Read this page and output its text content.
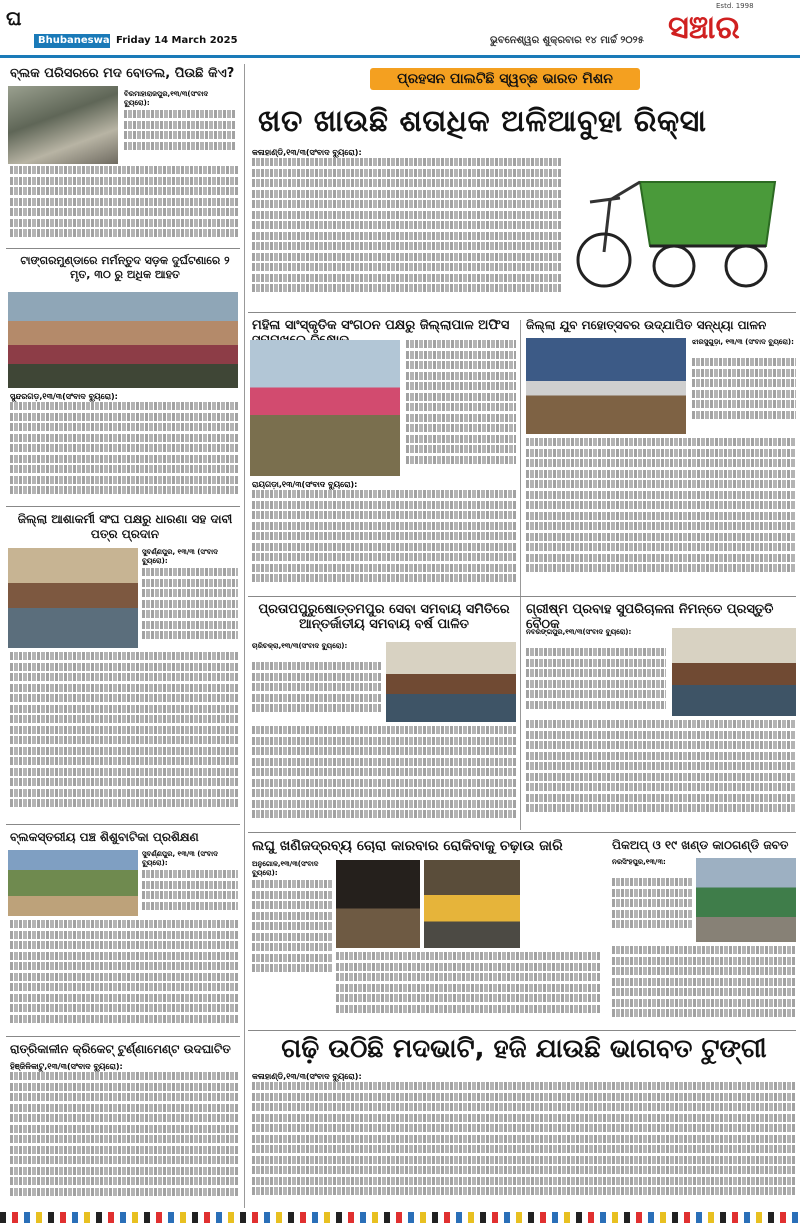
ଘ
Bhubaneswar Friday 14 March 2025	ଭୁବନେଶ୍ୱର ଶୁକ୍ରବାର ୧୪ ମାର୍ଚ୍ଚ ୨୦୨୫
Estd. 1998
ସଞ୍ଚାର
ବ୍ଲକ ପରିସରରେ ମଦ ବୋତଲ, ପିଉଛି କିଏ?
ବିରମାହାରାଜପୁର,୧୩/୩(ସଂବାଦ ବ୍ୟୁରୋ):
ଟାଙ୍ଗରମୁଣ୍ଡାରେ ମର୍ମନ୍ତୁଦ ସଡ଼କ ଦୁର୍ଘଟଣାରେ ୨ ମୃତ, ୩୦ ରୁ ଅଧିକ ଆହତ
ସୁନ୍ଦରଗଡ଼,୧୩/୩(ସଂବାଦ ବ୍ୟୁରୋ):
ଜିଲ୍ଲା ଆଶାକର୍ମୀ ସଂଘ ପକ୍ଷରୁ ଧାରଣା ସହ ଦାବୀ ପତ୍ର ପ୍ରଦାନ
ସୁବର୍ଣ୍ଣପୁର, ୧୩/୩ (ସଂବାଦ ବ୍ୟୁରୋ):
ବ୍ଲକସ୍ତରୀୟ ପଞ୍ଚ ଶିଶୁବାଟିକା ପ୍ରଶିକ୍ଷଣ
ସୁବର୍ଣ୍ଣପୁର, ୧୩/୩ (ସଂବାଦ ବ୍ୟୁରୋ):
ରାତ୍ରିକାଳୀନ କ୍ରିକେଟ୍ ଟୁର୍ଣ୍ଣାମେଣ୍ଟ ଉଦଘାଟିତ
ହିଞ୍ଜିଳିକାଟୁ,୧୩/୩(ସଂବାଦ ବ୍ୟୁରୋ):
ପ୍ରହସନ ପାଲଟିଛି ସ୍ୱଚ୍ଛ ଭାରତ ମିଶନ
ଖତ ଖାଉଛି ଶତାଧିକ ଅଳିଆବୁହା ରିକ୍ସା
କଳାହାଣ୍ଡି,୧୩/୩(ସଂବାଦ ବ୍ୟୁରୋ):
ମହିଳା ସାଂସ୍କୃତିକ ସଂଗଠନ ପକ୍ଷରୁ ଜିଲ୍ଲାପାଳ ଅଫିସ
ରାୟଗଡ଼ା,୧୩/୩(ସଂବାଦ ବ୍ୟୁରୋ):
ଜିଲ୍ଲା ଯୁବ ମହୋତ୍ସବର ଉଦ୍‌ଯାପିତ ସନ୍ଧ୍ୟା ପାଳନ
ଝାରସୁଗୁଡ଼ା, ୧୩/୩ (ସଂବାଦ ବ୍ୟୁରୋ):
ପ୍ରତାପପୁରୁଷୋତ୍ତମପୁର ସେବା ସମବାୟ ସମିତିରେ ଆନ୍ତର୍ଜାତୀୟ ସମବାୟ ବର୍ଷ ପାଳିତ
ଚାରିଚକ୍ରା,୧୩/୩(ସଂବାଦ ବ୍ୟୁରୋ):
ଗ୍ରୀଷ୍ମ ପ୍ରବାହ ସୁପରିଚାଳନା ନିମନ୍ତେ ପ୍ରସ୍ତୁତି ବୈଠକ
ନବରଙ୍ଗପୁର,୧୩/୩(ସଂବାଦ ବ୍ୟୁରୋ):
ଲଘୁ ଖଣିଜଦ୍ରବ୍ୟ ଚୋରା କାରବାର ରୋକିବାକୁ ଚଢ଼ାଉ ଜାରି
ଅନୁଗୋଳ,୧୩/୩(ସଂବାଦ ବ୍ୟୁରୋ):
ପିକଅପ୍ ଓ ୧୯ ଖଣ୍ଡ କାଠଗଣ୍ଡି ଜବତ
ନରସିଂହପୁର,୧୩/୩:
ଗଢ଼ି ଉଠିଛି ମଦଭାଟି, ହଜି ଯାଉଛି ଭାଗବତ ଟୁଙ୍ଗୀ
କଳାହାଣ୍ଡି,୧୩/୩(ସଂବାଦ ବ୍ୟୁରୋ):
